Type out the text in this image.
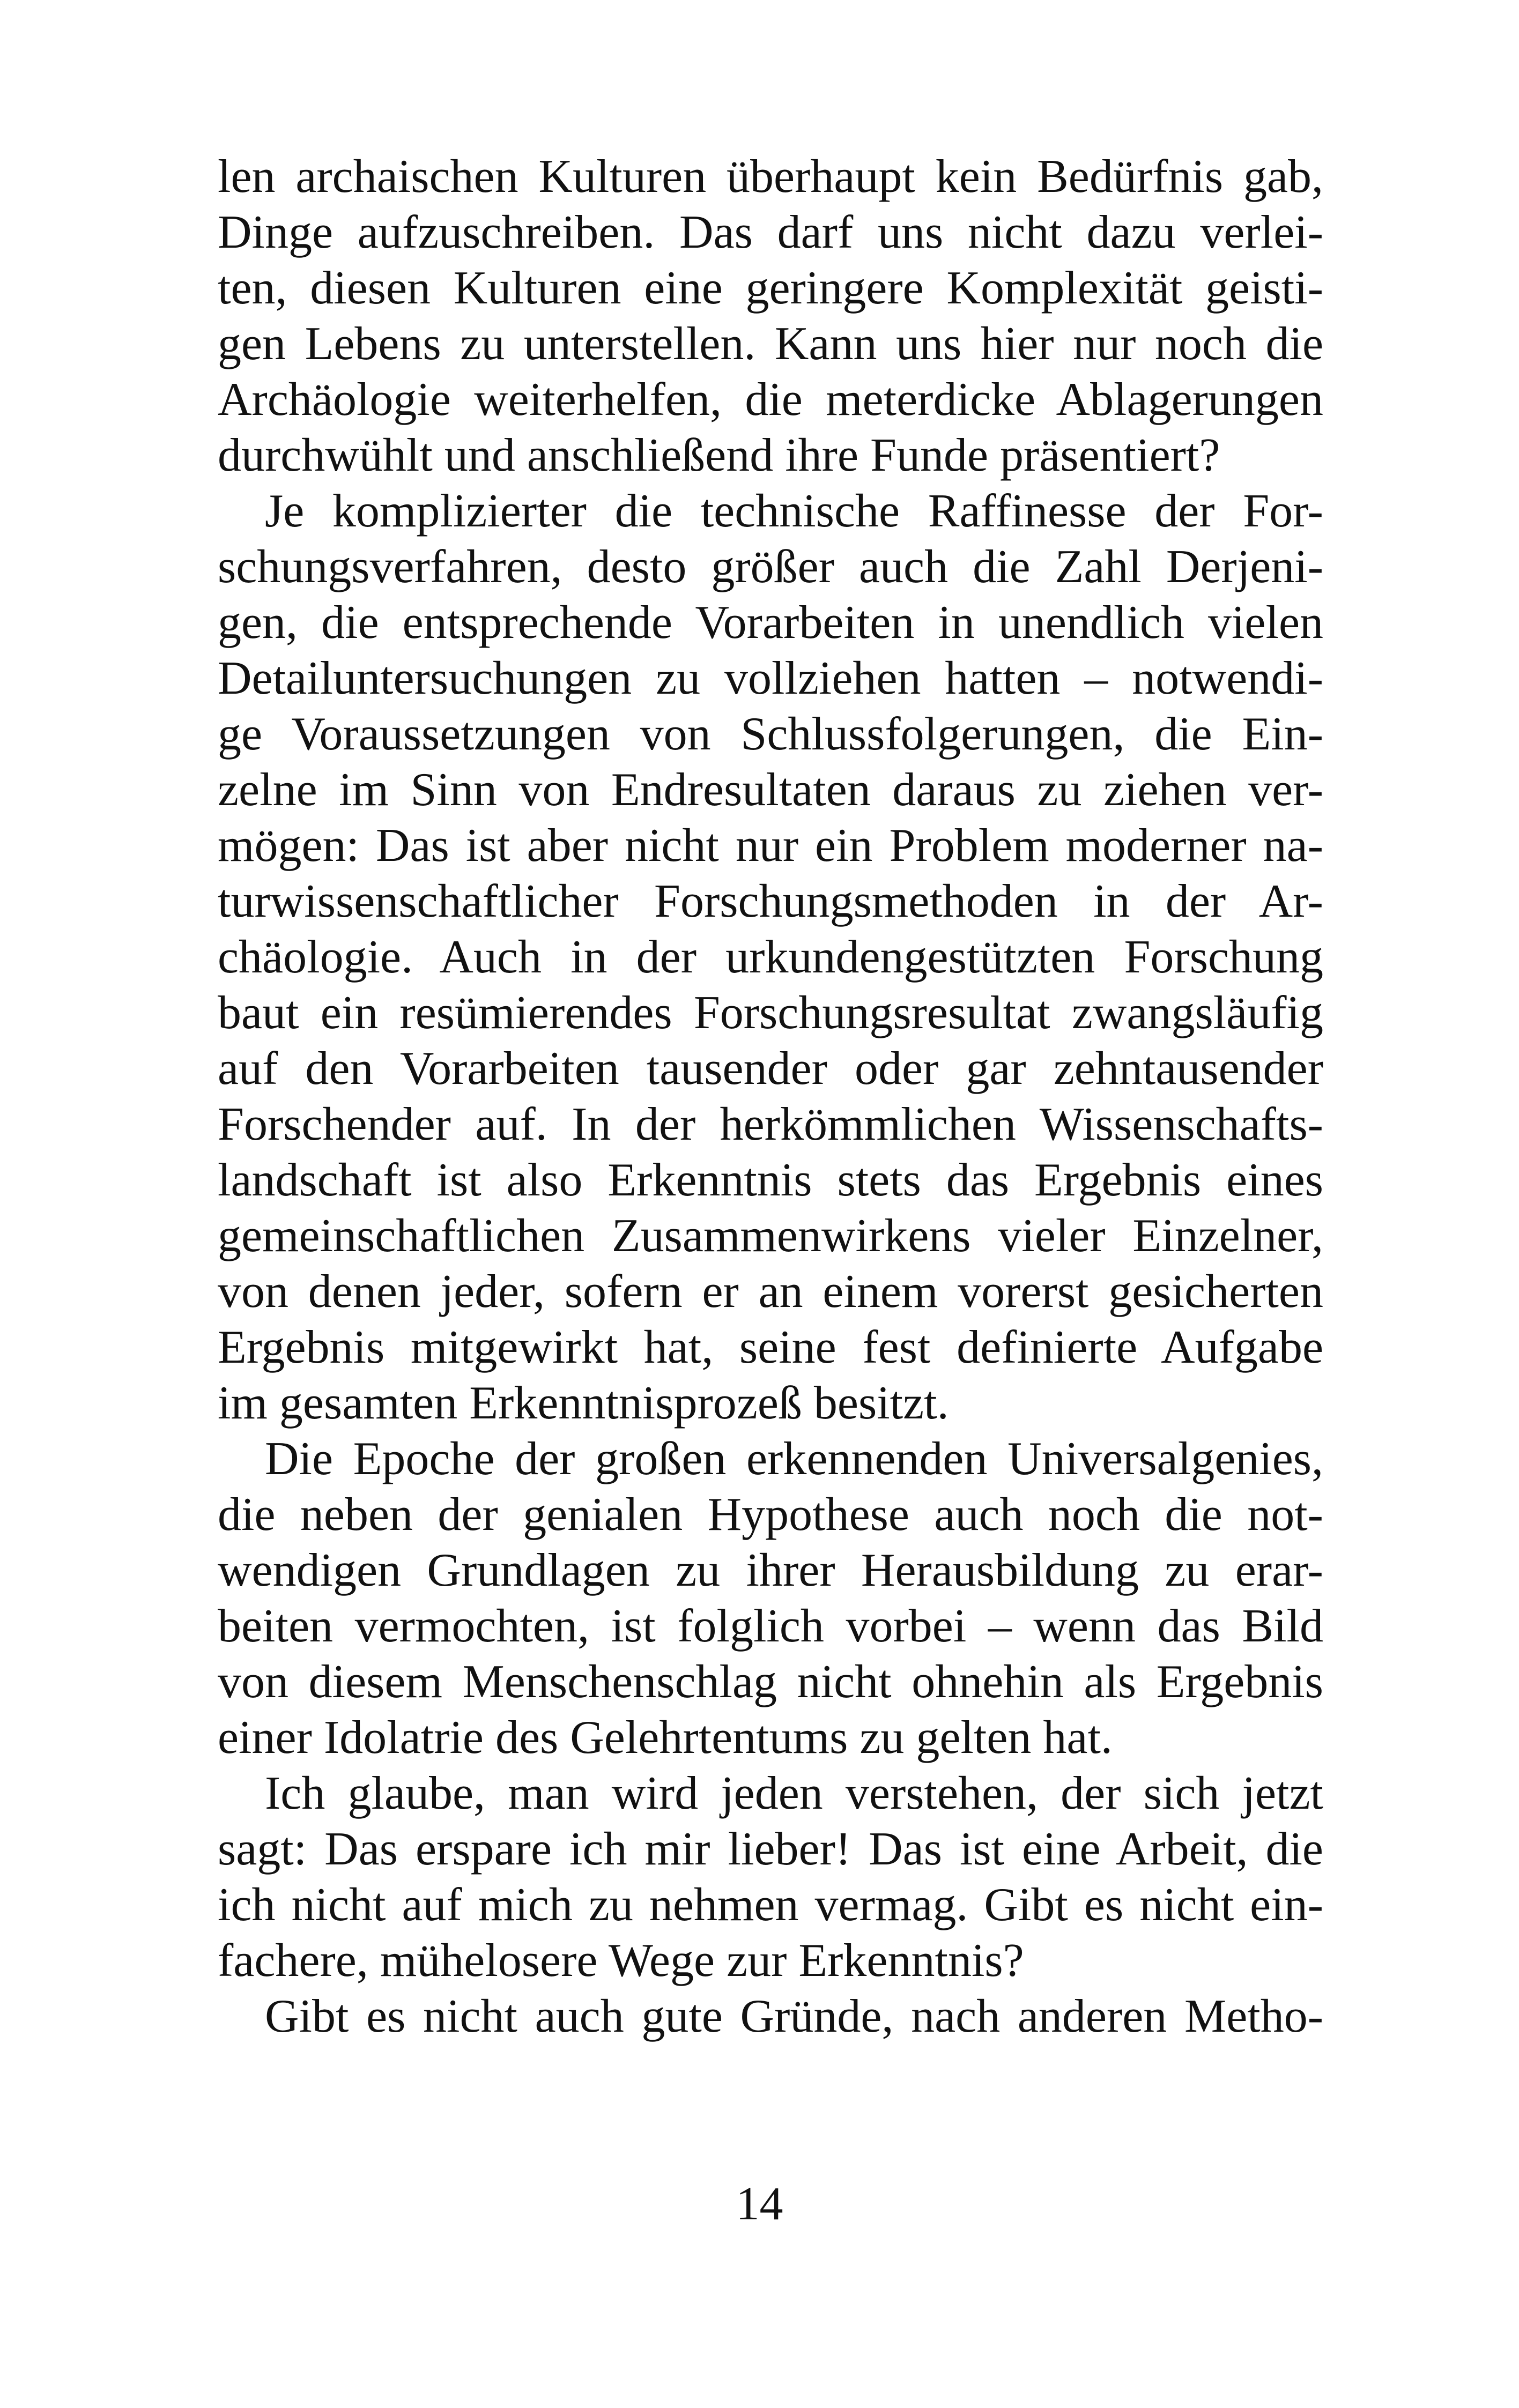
len archaischen Kulturen überhaupt kein Bedürfnis gab,
Dinge aufzuschreiben. Das darf uns nicht dazu verlei-
ten, diesen Kulturen eine geringere Komplexität geisti-
gen Lebens zu unterstellen. Kann uns hier nur noch die
Archäologie weiterhelfen, die meterdicke Ablagerungen
durchwühlt und anschließend ihre Funde präsentiert?
Je komplizierter die technische Raffinesse der For-
schungsverfahren, desto größer auch die Zahl Derjeni-
gen, die entsprechende Vorarbeiten in unendlich vielen
Detailuntersuchungen zu vollziehen hatten – notwendi-
ge Voraussetzungen von Schlussfolgerungen, die Ein-
zelne im Sinn von Endresultaten daraus zu ziehen ver-
mögen: Das ist aber nicht nur ein Problem moderner na-
turwissenschaftlicher Forschungsmethoden in der Ar-
chäologie. Auch in der urkundengestützten Forschung
baut ein resümierendes Forschungsresultat zwangsläufig
auf den Vorarbeiten tausender oder gar zehntausender
Forschender auf. In der herkömmlichen Wissenschafts-
landschaft ist also Erkenntnis stets das Ergebnis eines
gemeinschaftlichen Zusammenwirkens vieler Einzelner,
von denen jeder, sofern er an einem vorerst gesicherten
Ergebnis mitgewirkt hat, seine fest definierte Aufgabe
im gesamten Erkenntnisprozeß besitzt.
Die Epoche der großen erkennenden Universalgenies,
die neben der genialen Hypothese auch noch die not-
wendigen Grundlagen zu ihrer Herausbildung zu erar-
beiten vermochten, ist folglich vorbei – wenn das Bild
von diesem Menschenschlag nicht ohnehin als Ergebnis
einer Idolatrie des Gelehrtentums zu gelten hat.
Ich glaube, man wird jeden verstehen, der sich jetzt
sagt: Das erspare ich mir lieber! Das ist eine Arbeit, die
ich nicht auf mich zu nehmen vermag. Gibt es nicht ein-
fachere, mühelosere Wege zur Erkenntnis?
Gibt es nicht auch gute Gründe, nach anderen Metho-
14
